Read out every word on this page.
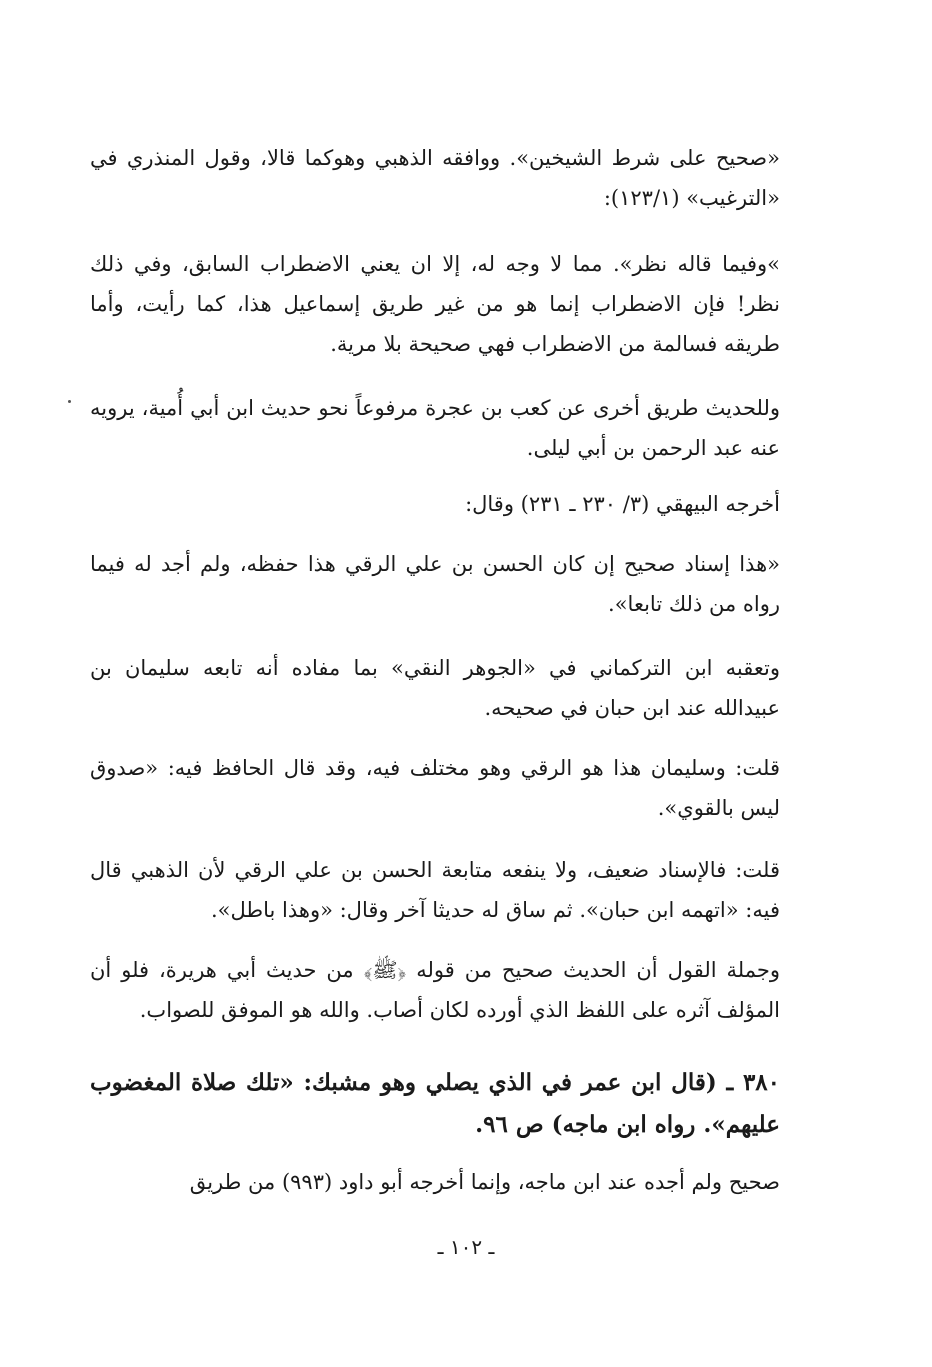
«صحيح على شرط الشيخين». ووافقه الذهبي وهوكما قالا، وقول المنذري في «الترغيب» (١٢٣/١):

»وفيما قاله نظر». مما لا وجه له، إلا ان يعني الاضطراب السابق، وفي ذلك نظر! فإن الاضطراب إنما هو من غير طريق إسماعيل هذا، كما رأيت، وأما طريقه فسالمة من الاضطراب فهي صحيحة بلا مرية.

وللحديث طريق أخرى عن كعب بن عجرة مرفوعاً نحو حديث ابن أبي أُمية، يرويه عنه عبد الرحمن بن أبي ليلى.

أخرجه البيهقي (٣/ ٢٣٠ ـ ٢٣١) وقال:

«هذا إسناد صحيح إن كان الحسن بن علي الرقي هذا حفظه، ولم أجد له فيما رواه من ذلك تابعا».

وتعقبه ابن التركماني في «الجوهر النقي» بما مفاده أنه تابعه سليمان بن عبيدالله عند ابن حبان في صحيحه.

قلت: وسليمان هذا هو الرقي وهو مختلف فيه، وقد قال الحافظ فيه: «صدوق ليس بالقوي».

قلت: فالإسناد ضعيف، ولا ينفعه متابعة الحسن بن علي الرقي لأن الذهبي قال فيه: «اتهمه ابن حبان». ثم ساق له حديثا آخر وقال: «وهذا باطل».

وجملة القول أن الحديث صحيح من قوله ﴿ﷺ﴾ من حديث أبي هريرة، فلو أن المؤلف آثره على اللفظ الذي أورده لكان أصاب. والله هو الموفق للصواب.

٣٨٠ ـ (قال ابن عمر في الذي يصلي وهو مشبك: «تلك صلاة المغضوب عليهم». رواه ابن ماجه) ص ٩٦.

صحيح ولم أجده عند ابن ماجه، وإنما أخرجه أبو داود (٩٩٣) من طريق

ـ ١٠٢ ـ
